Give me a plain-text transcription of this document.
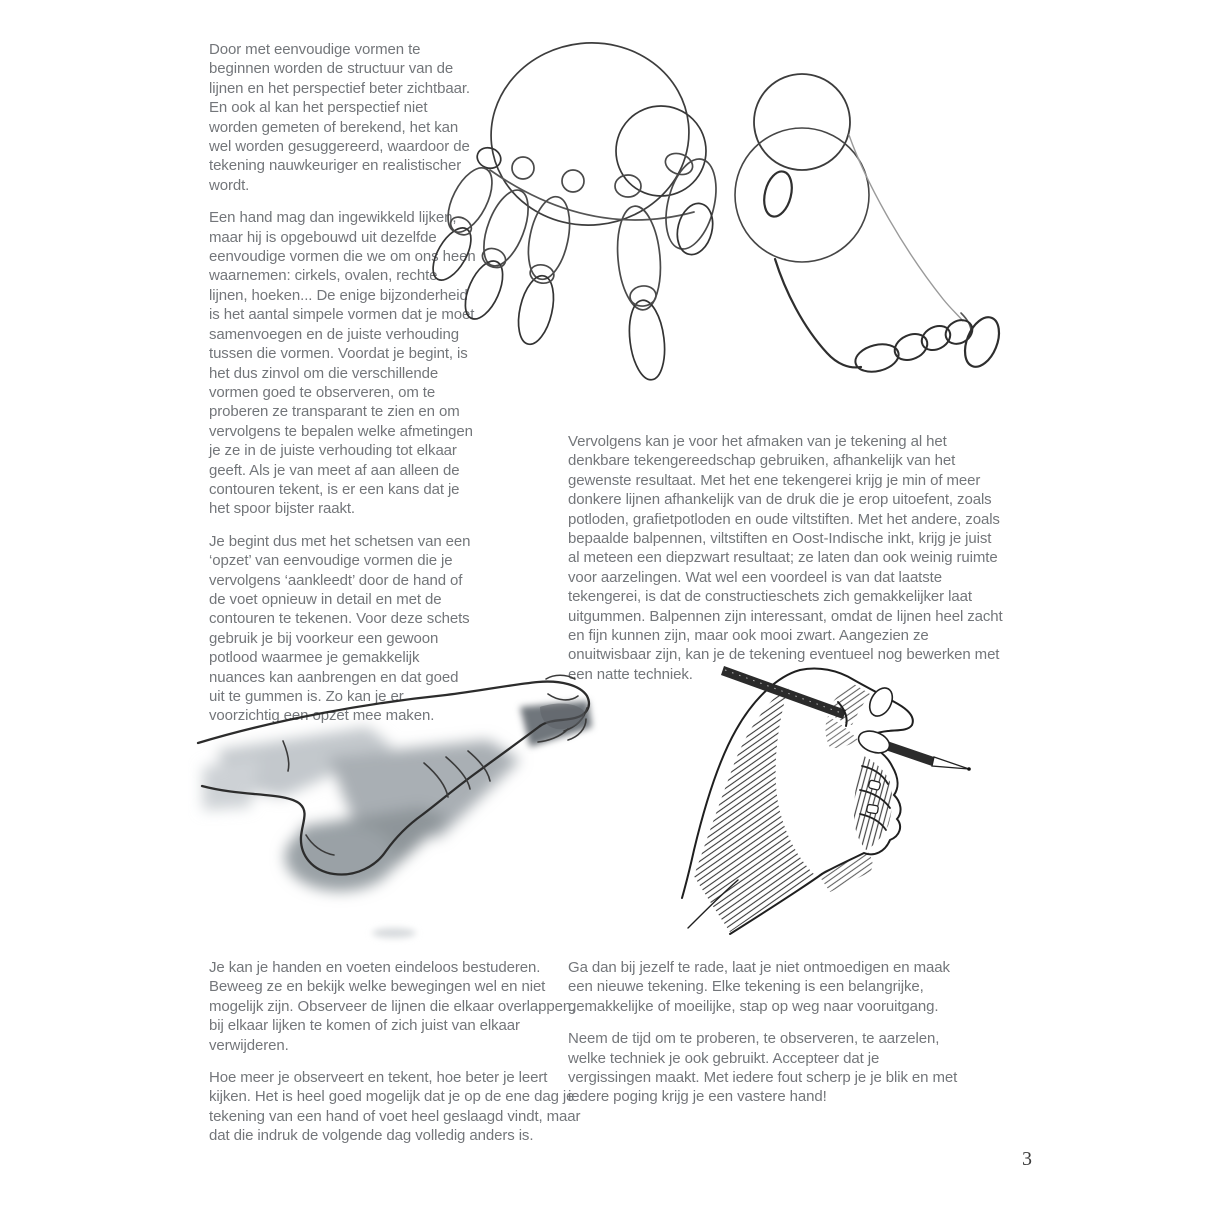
Door met eenvoudige vormen te beginnen worden de structuur van de lijnen en het perspectief beter zichtbaar. En ook al kan het perspectief niet worden gemeten of berekend, het kan wel worden gesuggereerd, waardoor de tekening nauwkeuriger en realistischer wordt.

Een hand mag dan ingewikkeld lijken, maar hij is opgebouwd uit dezelfde eenvoudige vormen die we om ons heen waarnemen: cirkels, ovalen, rechte lijnen, hoeken... De enige bijzonderheid is het aantal simpele vormen dat je moet samenvoegen en de juiste verhouding tussen die vormen. Voordat je begint, is het dus zinvol om die verschillende vormen goed te observeren, om te proberen ze transparant te zien en om vervolgens te bepalen welke afmetingen je ze in de juiste verhouding tot elkaar geeft. Als je van meet af aan alleen de contouren tekent, is er een kans dat je het spoor bijster raakt.

Je begint dus met het schetsen van een ‘opzet’ van eenvoudige vormen die je vervolgens ‘aankleedt’ door de hand of de voet opnieuw in detail en met de contouren te tekenen. Voor deze schets gebruik je bij voorkeur een gewoon potlood waarmee je gemakkelijk nuances kan aanbrengen en dat goed uit te gummen is. Zo kan je er voorzichtig een opzet mee maken.

Vervolgens kan je voor het afmaken van je tekening al het denkbare tekengereedschap gebruiken, afhankelijk van het gewenste resultaat. Met het ene tekengerei krijg je min of meer donkere lijnen afhankelijk van de druk die je erop uitoefent, zoals potloden, grafietpotloden en oude viltstiften. Met het andere, zoals bepaalde balpennen, viltstiften en Oost-Indische inkt, krijg je juist al meteen een diepzwart resultaat; ze laten dan ook weinig ruimte voor aarzelingen. Wat wel een voordeel is van dat laatste tekengerei, is dat de constructieschets zich gemakkelijker laat uitgummen. Balpennen zijn interessant, omdat de lijnen heel zacht en fijn kunnen zijn, maar ook mooi zwart. Aangezien ze onuitwisbaar zijn, kan je de tekening eventueel nog bewerken met een natte techniek.

Je kan je handen en voeten eindeloos bestuderen. Beweeg ze en bekijk welke bewegingen wel en niet mogelijk zijn. Observeer de lijnen die elkaar overlappen, bij elkaar lijken te komen of zich juist van elkaar verwijderen.

Hoe meer je observeert en tekent, hoe beter je leert kijken. Het is heel goed mogelijk dat je op de ene dag je tekening van een hand of voet heel geslaagd vindt, maar dat die indruk de volgende dag volledig anders is.

Ga dan bij jezelf te rade, laat je niet ontmoedigen en maak een nieuwe tekening. Elke tekening is een belangrijke, gemakkelijke of moeilijke, stap op weg naar vooruitgang.

Neem de tijd om te proberen, te observeren, te aarzelen, welke techniek je ook gebruikt. Accepteer dat je vergissingen maakt. Met iedere fout scherp je je blik en met iedere poging krijg je een vastere hand!

3
